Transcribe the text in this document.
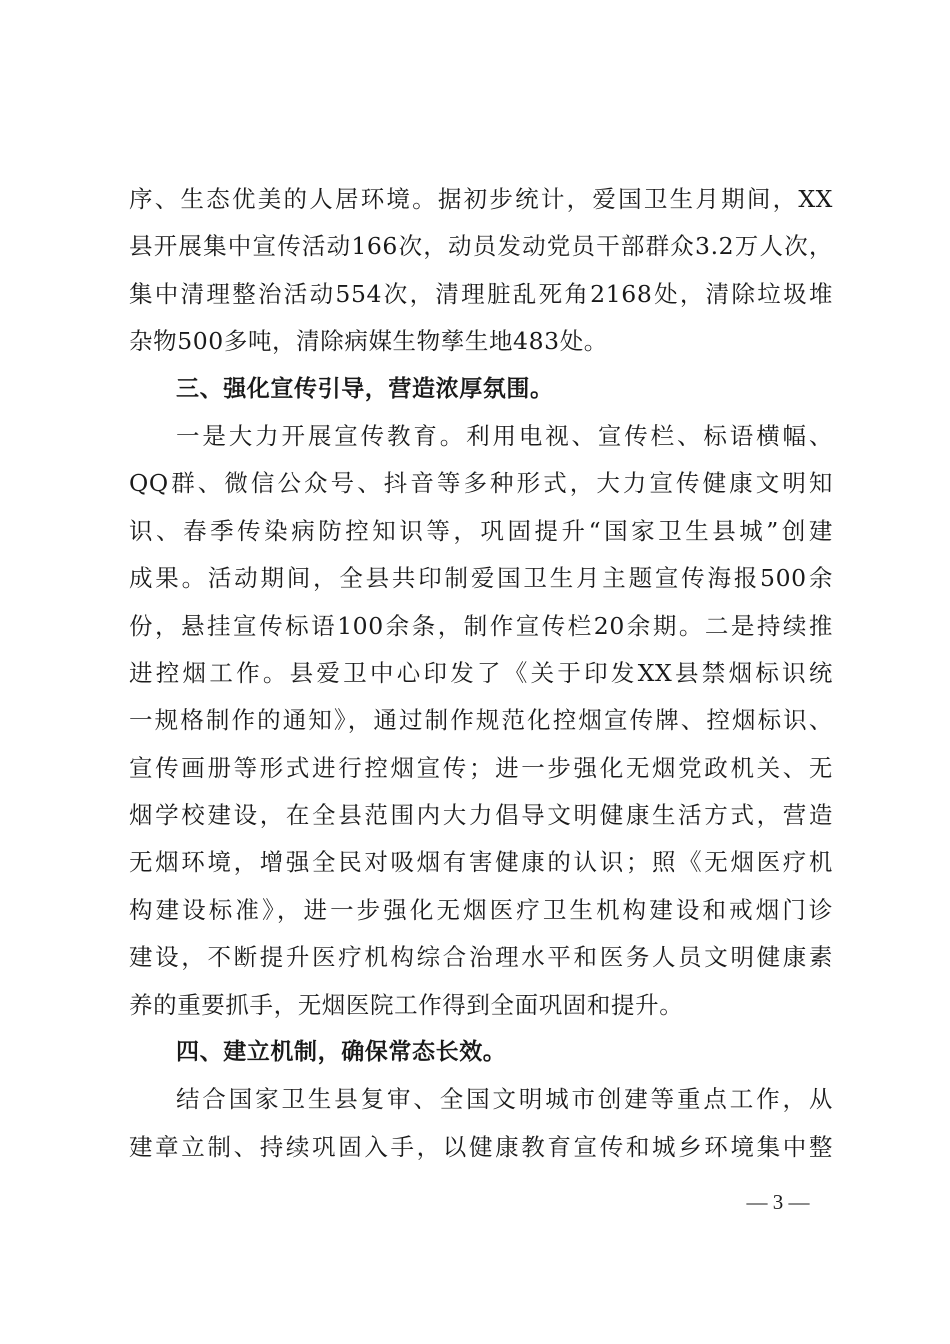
序、生态优美的人居环境。据初步统计，爱国卫生月期间，XX
县开展集中宣传活动166次，动员发动党员干部群众3.2万人次，
集中清理整治活动554次，清理脏乱死角2168处，清除垃圾堆
杂物500多吨，清除病媒生物孳生地483处。
三、强化宣传引导，营造浓厚氛围。
一是大力开展宣传教育。利用电视、宣传栏、标语横幅、
QQ群、微信公众号、抖音等多种形式，大力宣传健康文明知
识、春季传染病防控知识等，巩固提升“国家卫生县城”创建
成果。活动期间，全县共印制爱国卫生月主题宣传海报500余
份，悬挂宣传标语100余条，制作宣传栏20余期。二是持续推
进控烟工作。县爱卫中心印发了《关于印发XX县禁烟标识统
一规格制作的通知》，通过制作规范化控烟宣传牌、控烟标识、
宣传画册等形式进行控烟宣传；进一步强化无烟党政机关、无
烟学校建设，在全县范围内大力倡导文明健康生活方式，营造
无烟环境，增强全民对吸烟有害健康的认识；照《无烟医疗机
构建设标准》，进一步强化无烟医疗卫生机构建设和戒烟门诊
建设，不断提升医疗机构综合治理水平和医务人员文明健康素
养的重要抓手，无烟医院工作得到全面巩固和提升。
四、建立机制，确保常态长效。
结合国家卫生县复审、全国文明城市创建等重点工作，从
建章立制、持续巩固入手，以健康教育宣传和城乡环境集中整
— 3 —
